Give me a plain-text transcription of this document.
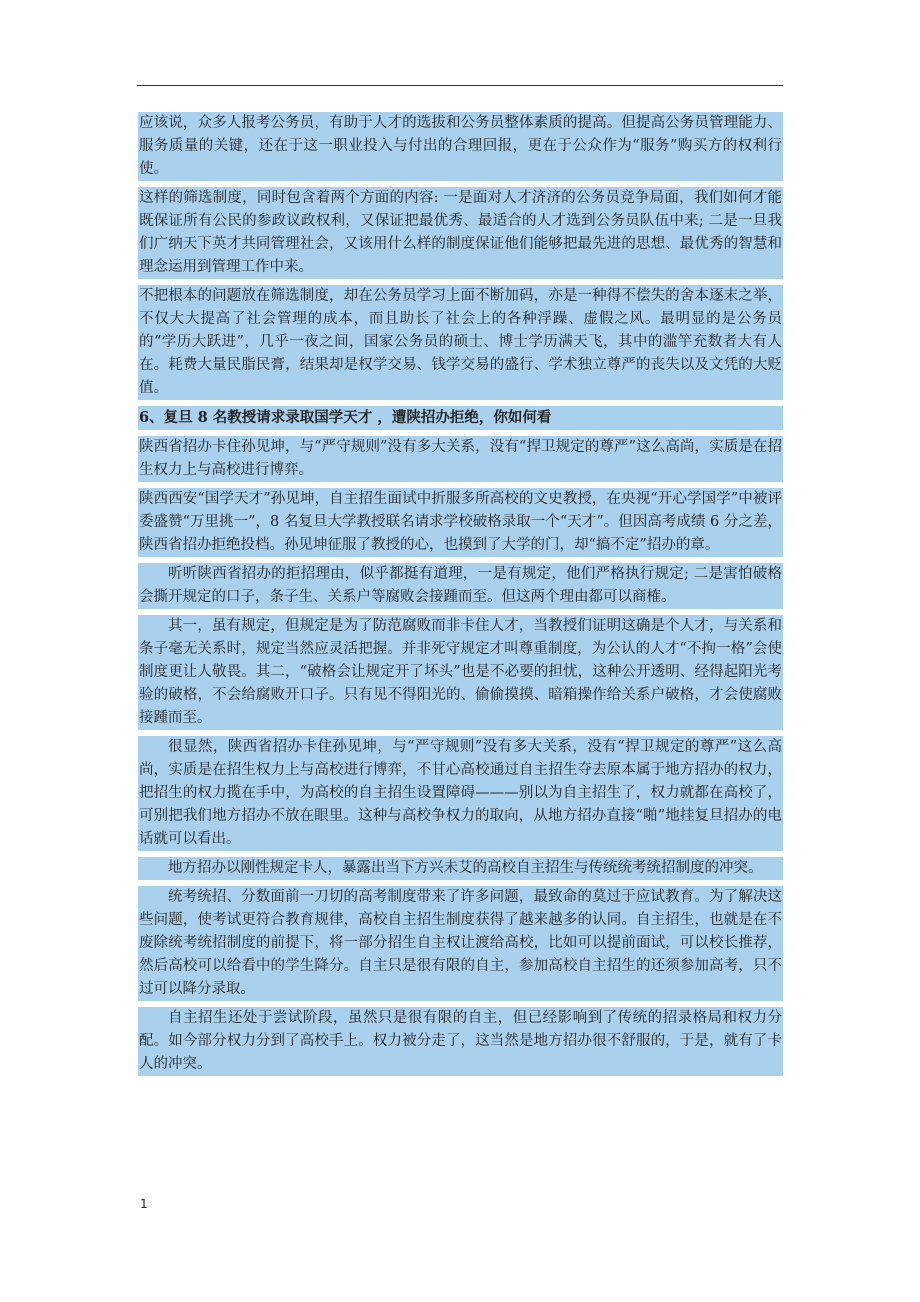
应该说，众多人报考公务员，有助于人才的选拔和公务员整体素质的提高。但提高公务员管理能力、服务质量的关键，还在于这一职业投入与付出的合理回报，更在于公众作为“服务”购买方的权利行使。

这样的筛选制度，同时包含着两个方面的内容: 一是面对人才济济的公务员竞争局面，我们如何才能既保证所有公民的参政议政权利，又保证把最优秀、最适合的人才选到公务员队伍中来; 二是一旦我们广纳天下英才共同管理社会，又该用什么样的制度保证他们能够把最先进的思想、最优秀的智慧和理念运用到管理工作中来。

不把根本的问题放在筛选制度，却在公务员学习上面不断加码，亦是一种得不偿失的舍本逐末之举，不仅大大提高了社会管理的成本，而且助长了社会上的各种浮躁、虚假之风。最明显的是公务员的“学历大跃进”，几乎一夜之间，国家公务员的硕士、博士学历满天飞，其中的滥竽充数者大有人在。耗费大量民脂民膏，结果却是权学交易、钱学交易的盛行、学术独立尊严的丧失以及文凭的大贬值。

6、复旦 8 名教授请求录取国学天才 ，遭陕招办拒绝，你如何看

陕西省招办卡住孙见坤，与“严守规则”没有多大关系，没有“捍卫规定的尊严”这么高尚，实质是在招生权力上与高校进行博弈。

陕西西安“国学天才”孙见坤，自主招生面试中折服多所高校的文史教授，在央视“开心学国学”中被评委盛赞“万里挑一”，8 名复旦大学教授联名请求学校破格录取一个“天才”。但因高考成绩 6 分之差，陕西省招办拒绝投档。孙见坤征服了教授的心，也摸到了大学的门，却“搞不定”招办的章。

听听陕西省招办的拒招理由，似乎都挺有道理，一是有规定，他们严格执行规定; 二是害怕破格会撕开规定的口子，条子生、关系户等腐败会接踵而至。但这两个理由都可以商榷。

其一，虽有规定，但规定是为了防范腐败而非卡住人才，当教授们证明这确是个人才，与关系和条子毫无关系时，规定当然应灵活把握。并非死守规定才叫尊重制度，为公认的人才“不拘一格”会使制度更让人敬畏。其二，“破格会让规定开了坏头”也是不必要的担忧，这种公开透明、经得起阳光考验的破格，不会给腐败开口子。只有见不得阳光的、偷偷摸摸、暗箱操作给关系户破格，才会使腐败接踵而至。

很显然，陕西省招办卡住孙见坤，与“严守规则”没有多大关系，没有“捍卫规定的尊严”这么高尚，实质是在招生权力上与高校进行博弈，不甘心高校通过自主招生夺去原本属于地方招办的权力，把招生的权力揽在手中，为高校的自主招生设置障碍———别以为自主招生了，权力就都在高校了，可别把我们地方招办不放在眼里。这种与高校争权力的取向，从地方招办直接“啪”地挂复旦招办的电话就可以看出。

地方招办以刚性规定卡人，暴露出当下方兴未艾的高校自主招生与传统统考统招制度的冲突。

统考统招、分数面前一刀切的高考制度带来了许多问题，最致命的莫过于应试教育。为了解决这些问题，使考试更符合教育规律，高校自主招生制度获得了越来越多的认同。自主招生，也就是在不废除统考统招制度的前提下，将一部分招生自主权让渡给高校，比如可以提前面试，可以校长推荐，然后高校可以给看中的学生降分。自主只是很有限的自主，参加高校自主招生的还须参加高考，只不过可以降分录取。

自主招生还处于尝试阶段，虽然只是很有限的自主，但已经影响到了传统的招录格局和权力分配。如今部分权力分到了高校手上。权力被分走了，这当然是地方招办很不舒服的，于是，就有了卡人的冲突。

1
